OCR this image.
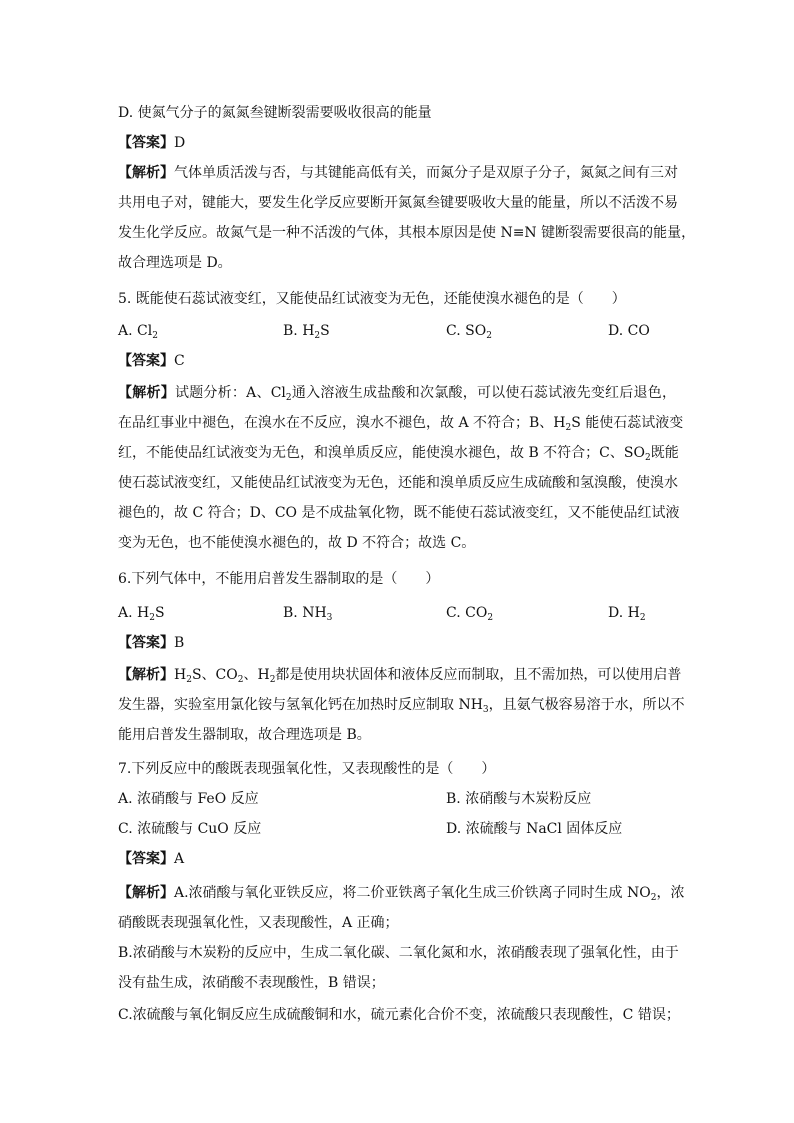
D. 使氮气分子的氮氮叁键断裂需要吸收很高的能量
【答案】D
【解析】气体单质活泼与否，与其键能高低有关，而氮分子是双原子分子，氮氮之间有三对
共用电子对，键能大，要发生化学反应要断开氮氮叁键要吸收大量的能量，所以不活泼不易
发生化学反应。故氮气是一种不活泼的气体，其根本原因是使 N≡N 键断裂需要很高的能量，
故合理选项是 D。
5. 既能使石蕊试液变红，又能使品红试液变为无色，还能使溴水褪色的是（　　）
A. $Cl_2$	B. $H_2S$	C. $SO_2$	D. CO
【答案】C
【解析】试题分析：A、$Cl_2$通入溶液生成盐酸和次氯酸，可以使石蕊试液先变红后退色，
在品红事业中褪色，在溴水在不反应，溴水不褪色，故 A 不符合；B、$H_2S$ 能使石蕊试液变
红，不能使品红试液变为无色，和溴单质反应，能使溴水褪色，故 B 不符合；C、$SO_2$既能
使石蕊试液变红，又能使品红试液变为无色，还能和溴单质反应生成硫酸和氢溴酸，使溴水
褪色的，故 C 符合；D、CO 是不成盐氧化物，既不能使石蕊试液变红，又不能使品红试液
变为无色，也不能使溴水褪色的，故 D 不符合；故选 C。
6.下列气体中，不能用启普发生器制取的是（　　）
A. $H_2S$	B. $NH_3$	C. $CO_2$	D. $H_2$
【答案】B
【解析】$H_2S$、$CO_2$、$H_2$都是使用块状固体和液体反应而制取，且不需加热，可以使用启普
发生器，实验室用氯化铵与氢氧化钙在加热时反应制取 $NH_3$，且氨气极容易溶于水，所以不
能用启普发生器制取，故合理选项是 B。
7.下列反应中的酸既表现强氧化性，又表现酸性的是（　　）
A. 浓硝酸与 FeO 反应	B. 浓硝酸与木炭粉反应
C. 浓硫酸与 CuO 反应	D. 浓硫酸与 NaCl 固体反应
【答案】A
【解析】A.浓硝酸与氧化亚铁反应，将二价亚铁离子氧化生成三价铁离子同时生成 $NO_2$，浓
硝酸既表现强氧化性，又表现酸性，A 正确；
B.浓硝酸与木炭粉的反应中，生成二氧化碳、二氧化氮和水，浓硝酸表现了强氧化性，由于
没有盐生成，浓硝酸不表现酸性，B 错误；
C.浓硫酸与氧化铜反应生成硫酸铜和水，硫元素化合价不变，浓硫酸只表现酸性，C 错误；
